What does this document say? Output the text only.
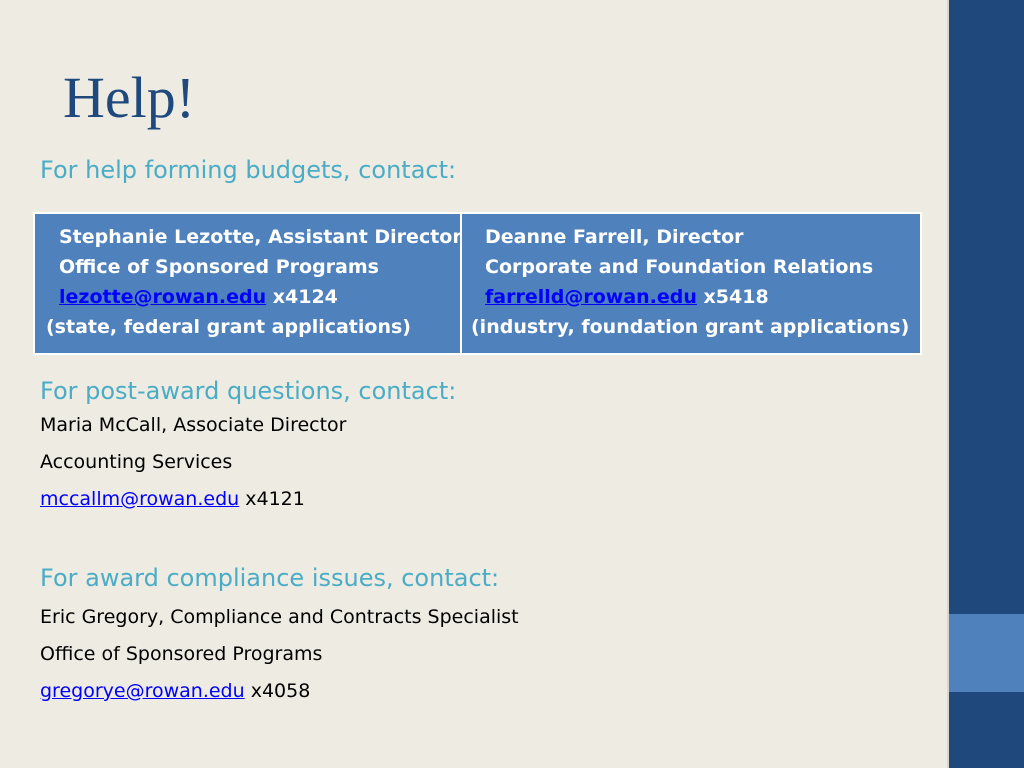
Help!
For help forming budgets, contact:
Stephanie Lezotte, Assistant Director
Office of Sponsored Programs
lezotte@rowan.edu x4124
(state, federal grant applications)
Deanne Farrell, Director
Corporate and Foundation Relations
farrelld@rowan.edu x5418
(industry, foundation grant applications)
For post-award questions, contact:
Maria McCall, Associate Director
Accounting Services
mccallm@rowan.edu x4121
For award compliance issues, contact:
Eric Gregory, Compliance and Contracts Specialist
Office of Sponsored Programs
gregorye@rowan.edu x4058
